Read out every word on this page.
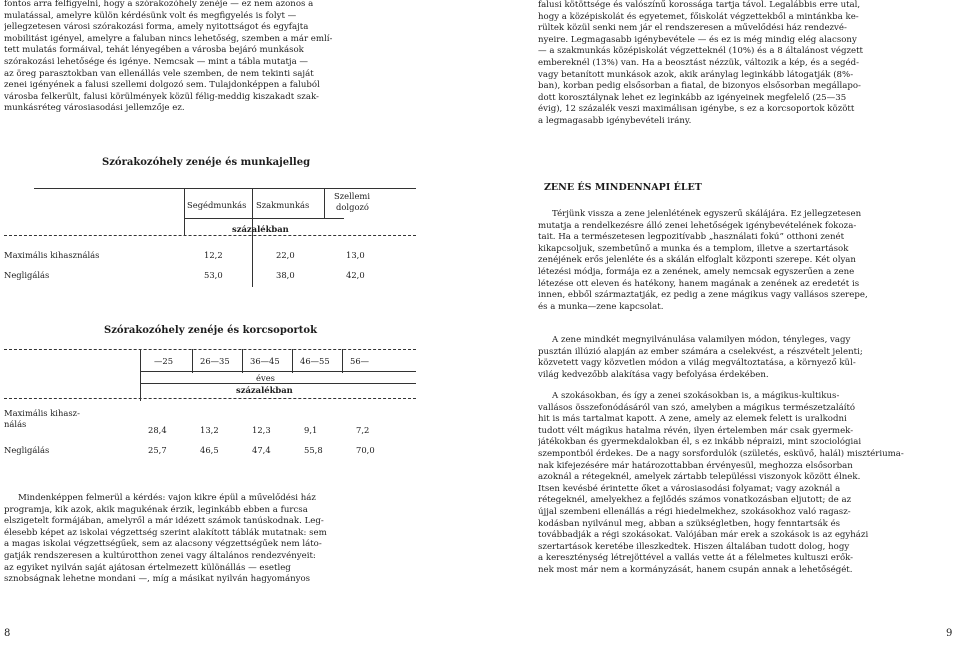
fontos arra felfigyelni, hogy a szórakozóhely zenéje — ez nem azonos a
mulatással, amelyre külön kérdésünk volt és megfigyelés is folyt —
jellegzetesen városi szórakozási forma, amely nyitottságot és egyfajta
mobilitást igényel, amelyre a faluban nincs lehetőség, szemben a már emlí-
tett mulatás formáival, tehát lényegében a városba bejáró munkások
szórakozási lehetősége és igénye. Nemcsak — mint a tábla mutatja —
az öreg parasztokban van ellenállás vele szemben, de nem tekinti saját
zenei igényének a falusi szellemi dolgozó sem. Tulajdonképpen a faluból
városba felkerült, falusi körülmények közül félig-meddig kiszakadt szak-
munkásréteg városiasodási jellemzője ez.
Szórakozóhely zenéje és munkajelleg
Segédmunkás Szakmunkás
Szellemi
dolgozó
százalékban
Maximális kihasználás	12,2	22,0	13,0
Negligálás	53,0	38,0	42,0
Szórakozóhely zenéje és korcsoportok
—25	26—35 36—45 46—55 56—
éves
százalékban
Maximális kihasz-
nálás
28,4	13,2	12,3	9,1	7,2
Negligálás	25,7	46,5	47,4	55,8	70,0
Mindenképpen felmerül a kérdés: vajon kikre épül a művelődési ház
programja, kik azok, akik magukénak érzik, leginkább ebben a furcsa
elszigetelt formájában, amelyről a már idézett számok tanúskodnak. Leg-
élesebb képet az iskolai végzettség szerint alakított táblák mutatnak: sem
a magas iskolai végzettségűek, sem az alacsony végzettségűek nem láto-
gatják rendszeresen a kultúrotthon zenei vagy általános rendezvényeit:
az egyiket nyilván saját ajátosan értelmezett különállás — esetleg
sznobságnak lehetne mondani —, míg a másikat nyilván hagyományos
8
falusi kötöttsége és valószínű korossága tartja távol. Legalábbis erre utal,
hogy a középiskolát és egyetemet, főiskolát végzettekből a mintánkba ke-
rültek közül senki nem jár el rendszeresen a művelődési ház rendezvé-
nyeire. Legmagasabb igénybevétele — és ez is még mindig elég alacsony
— a szakmunkás középiskolát végzetteknél (10%) és a 8 általánost végzett
embereknél (13%) van. Ha a beosztást nézzük, változik a kép, és a segéd-
vagy betanított munkások azok, akik aránylag leginkább látogatják (8%-
ban), korban pedig elsősorban a fiatal, de bizonyos elsősorban megállapo-
dott korosztálynak lehet ez leginkább az igényeinek megfelelő (25—35
évig), 12 százalék veszi maximálisan igénybe, s ez a korcsoportok között
a legmagasabb igénybevételi irány.
ZENE ÉS MINDENNAPI ÉLET
Térjünk vissza a zene jelenlétének egyszerű skálájára. Ez jellegzetesen
mutatja a rendelkezésre álló zenei lehetőségek igénybevételének fokoza-
tait. Ha a természetesen legpozitívabb „használati fokú” otthoni zenét
kikapcsoljuk, szembetűnő a munka és a templom, illetve a szertartások
zenéjének erős jelenléte és a skálán elfoglalt központi szerepe. Két olyan
létezési módja, formája ez a zenének, amely nemcsak egyszerűen a zene
létezése ott eleven és hatékony, hanem magának a zenének az eredetét is
innen, ebből származtatják, ez pedig a zene mágikus vagy vallásos szerepe,
és a munka—zene kapcsolat.
A zene mindkét megnyilvánulása valamilyen módon, tényleges, vagy
pusztán illúzió alapján az ember számára a cselekvést, a részvételt jelenti;
közvetett vagy közvetlen módon a világ megváltoztatása, a környező kül-
világ kedvezőbb alakítása vagy befolyása érdekében.
A szokásokban, és így a zenei szokásokban is, a mágikus-kultikus-
vallásos összefonódásáról van szó, amelyben a mágikus természetzaláító
hit is más tartalmat kapott. A zene, amely az elemek felett is uralkodni
tudott vélt mágikus hatalma révén, ilyen értelemben már csak gyermek-
játékokban és gyermekdalokban él, s ez inkább népraizi, mint szociológiai
szempontból érdekes. De a nagy sorsfordulók (születés, esküvő, halál) misztériuma-
nak kifejezésére már határozottabban érvényesül, meghozza elsősorban
azoknál a rétegeknél, amelyek zártabb településsi viszonyok között élnek.
Itsen kevésbé érintette őket a városiasodási folyamat; vagy azoknál a
rétegeknél, amelyekhez a fejlődés számos vonatkozásban eljutott; de az
újjal szembeni ellenállás a régi hiedelmekhez, szokásokhoz való ragasz-
kodásban nyilvánul meg, abban a szükségletben, hogy fenntartsák és
továbbadják a régi szokásokat. Valójában már erek a szokások is az egyházi
szertartások keretébe illeszkedtek. Hiszen általában tudott dolog, hogy
a kereszténység létrejöttével a vallás vette át a félelmetes kultuszi erők-
nek most már nem a kormányzását, hanem csupán annak a lehetőségét.
9
